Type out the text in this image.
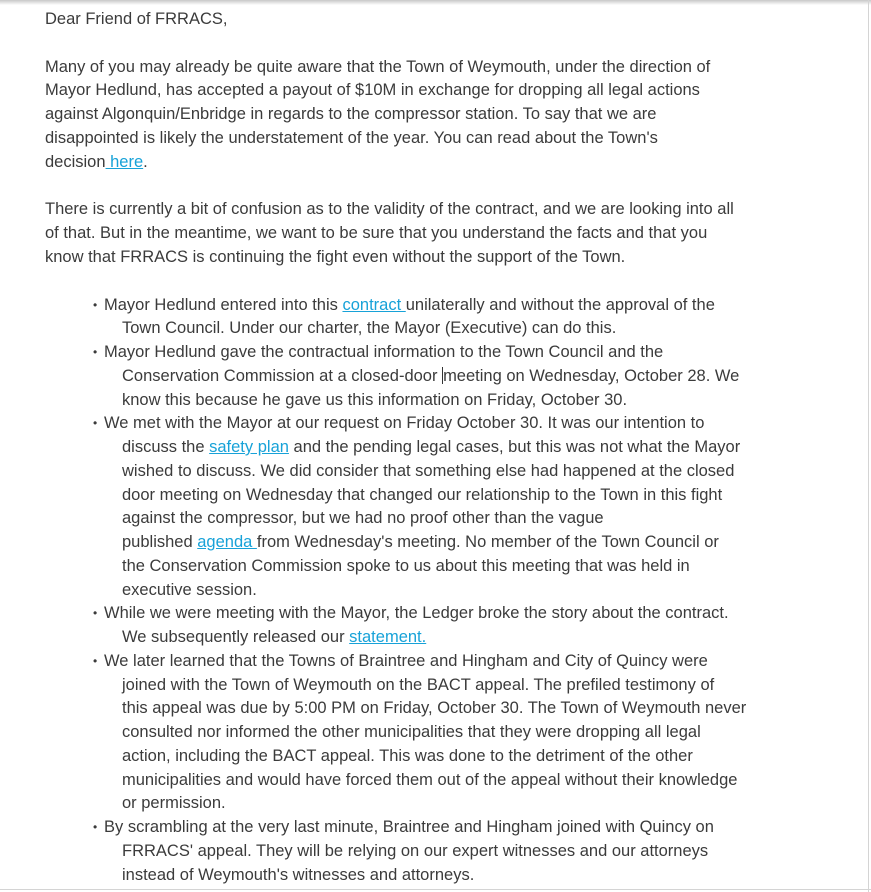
Dear Friend of FRRACS,
Many of you may already be quite aware that the Town of Weymouth, under the direction of
Mayor Hedlund, has accepted a payout of $10M in exchange for dropping all legal actions
against Algonquin/Enbridge in regards to the compressor station. To say that we are
disappointed is likely the understatement of the year. You can read about the Town's
decision here.
There is currently a bit of confusion as to the validity of the contract, and we are looking into all
of that. But in the meantime, we want to be sure that you understand the facts and that you
know that FRRACS is continuing the fight even without the support of the Town.
• Mayor Hedlund entered into this contract unilaterally and without the approval of the
Town Council. Under our charter, the Mayor (Executive) can do this.
• Mayor Hedlund gave the contractual information to the Town Council and the
Conservation Commission at a closed-door meeting on Wednesday, October 28. We
know this because he gave us this information on Friday, October 30.
• We met with the Mayor at our request on Friday October 30. It was our intention to
discuss the safety plan and the pending legal cases, but this was not what the Mayor
wished to discuss. We did consider that something else had happened at the closed
door meeting on Wednesday that changed our relationship to the Town in this fight
against the compressor, but we had no proof other than the vague
published agenda from Wednesday's meeting. No member of the Town Council or
the Conservation Commission spoke to us about this meeting that was held in
executive session.
• While we were meeting with the Mayor, the Ledger broke the story about the contract.
We subsequently released our statement.
• We later learned that the Towns of Braintree and Hingham and City of Quincy were
joined with the Town of Weymouth on the BACT appeal. The prefiled testimony of
this appeal was due by 5:00 PM on Friday, October 30. The Town of Weymouth never
consulted nor informed the other municipalities that they were dropping all legal
action, including the BACT appeal. This was done to the detriment of the other
municipalities and would have forced them out of the appeal without their knowledge
or permission.
• By scrambling at the very last minute, Braintree and Hingham joined with Quincy on
FRRACS' appeal. They will be relying on our expert witnesses and our attorneys
instead of Weymouth's witnesses and attorneys.
